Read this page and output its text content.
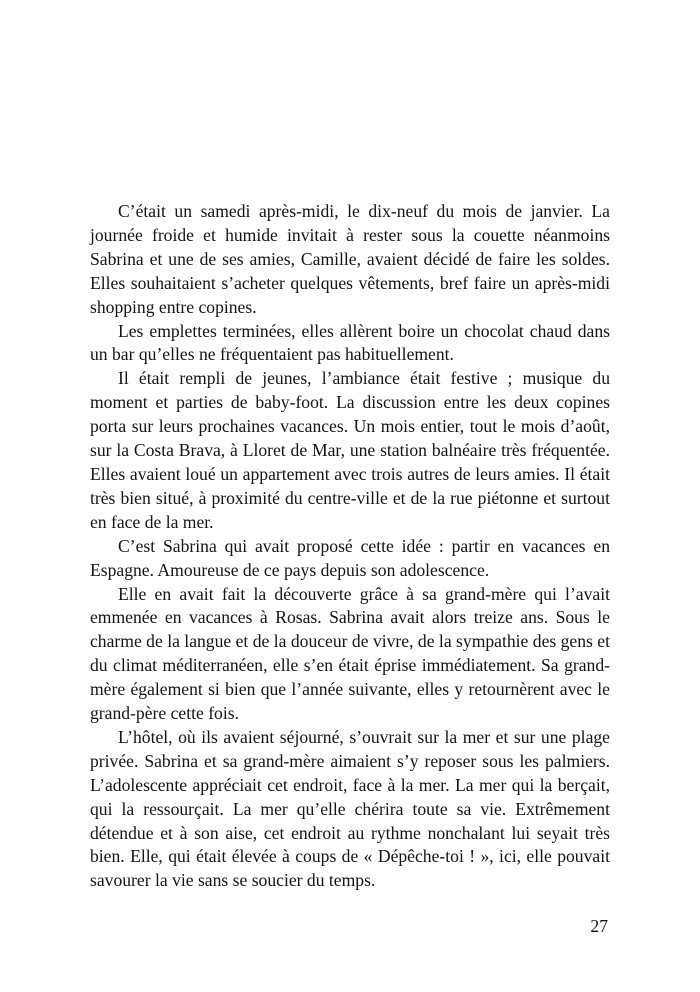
C’était un samedi après-midi, le dix-neuf du mois de janvier. La journée froide et humide invitait à rester sous la couette néanmoins Sabrina et une de ses amies, Camille, avaient décidé de faire les soldes. Elles souhaitaient s’acheter quelques vêtements, bref faire un après-midi shopping entre copines.

Les emplettes terminées, elles allèrent boire un chocolat chaud dans un bar qu’elles ne fréquentaient pas habituellement.

Il était rempli de jeunes, l’ambiance était festive ; musique du moment et parties de baby-foot. La discussion entre les deux copines porta sur leurs prochaines vacances. Un mois entier, tout le mois d’août, sur la Costa Brava, à Lloret de Mar, une station balnéaire très fréquentée. Elles avaient loué un appartement avec trois autres de leurs amies. Il était très bien situé, à proximité du centre-ville et de la rue piétonne et surtout en face de la mer.

C’est Sabrina qui avait proposé cette idée : partir en vacances en Espagne. Amoureuse de ce pays depuis son adolescence.

Elle en avait fait la découverte grâce à sa grand-mère qui l’avait emmenée en vacances à Rosas. Sabrina avait alors treize ans. Sous le charme de la langue et de la douceur de vivre, de la sympathie des gens et du climat méditerranéen, elle s’en était éprise immédiatement. Sa grand-mère également si bien que l’année suivante, elles y retournèrent avec le grand-père cette fois.

L’hôtel, où ils avaient séjourné, s’ouvrait sur la mer et sur une plage privée. Sabrina et sa grand-mère aimaient s’y reposer sous les palmiers. L’adolescente appréciait cet endroit, face à la mer. La mer qui la berçait, qui la ressourçait. La mer qu’elle chérira toute sa vie. Extrêmement détendue et à son aise, cet endroit au rythme nonchalant lui seyait très bien. Elle, qui était élevée à coups de « Dépêche-toi ! », ici, elle pouvait savourer la vie sans se soucier du temps.

27
